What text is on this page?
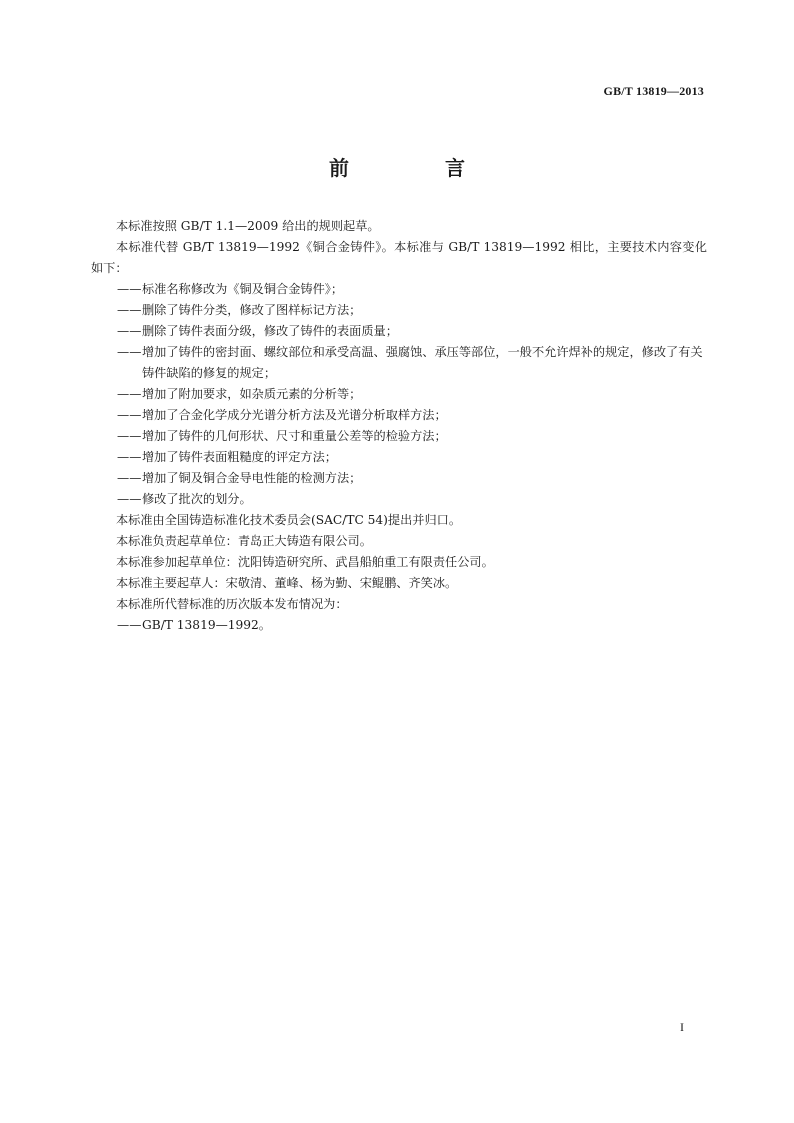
GB/T 13819—2013
前　言

本标准按照 GB/T 1.1—2009 给出的规则起草。

本标准代替 GB/T 13819—1992《铜合金铸件》。本标准与 GB/T 13819—1992 相比，主要技术内容变化如下：

——标准名称修改为《铜及铜合金铸件》；

——删除了铸件分类，修改了图样标记方法；

——删除了铸件表面分级，修改了铸件的表面质量；

——增加了铸件的密封面、螺纹部位和承受高温、强腐蚀、承压等部位，一般不允许焊补的规定，修改了有关铸件缺陷的修复的规定；

——增加了附加要求，如杂质元素的分析等；

——增加了合金化学成分光谱分析方法及光谱分析取样方法；

——增加了铸件的几何形状、尺寸和重量公差等的检验方法；

——增加了铸件表面粗糙度的评定方法；

——增加了铜及铜合金导电性能的检测方法；

——修改了批次的划分。

本标准由全国铸造标准化技术委员会(SAC/TC 54)提出并归口。

本标准负责起草单位：青岛正大铸造有限公司。

本标准参加起草单位：沈阳铸造研究所、武昌船舶重工有限责任公司。

本标准主要起草人：宋敬清、董峰、杨为勤、宋鲲鹏、齐笑冰。

本标准所代替标准的历次版本发布情况为：

——GB/T 13819—1992。

I
